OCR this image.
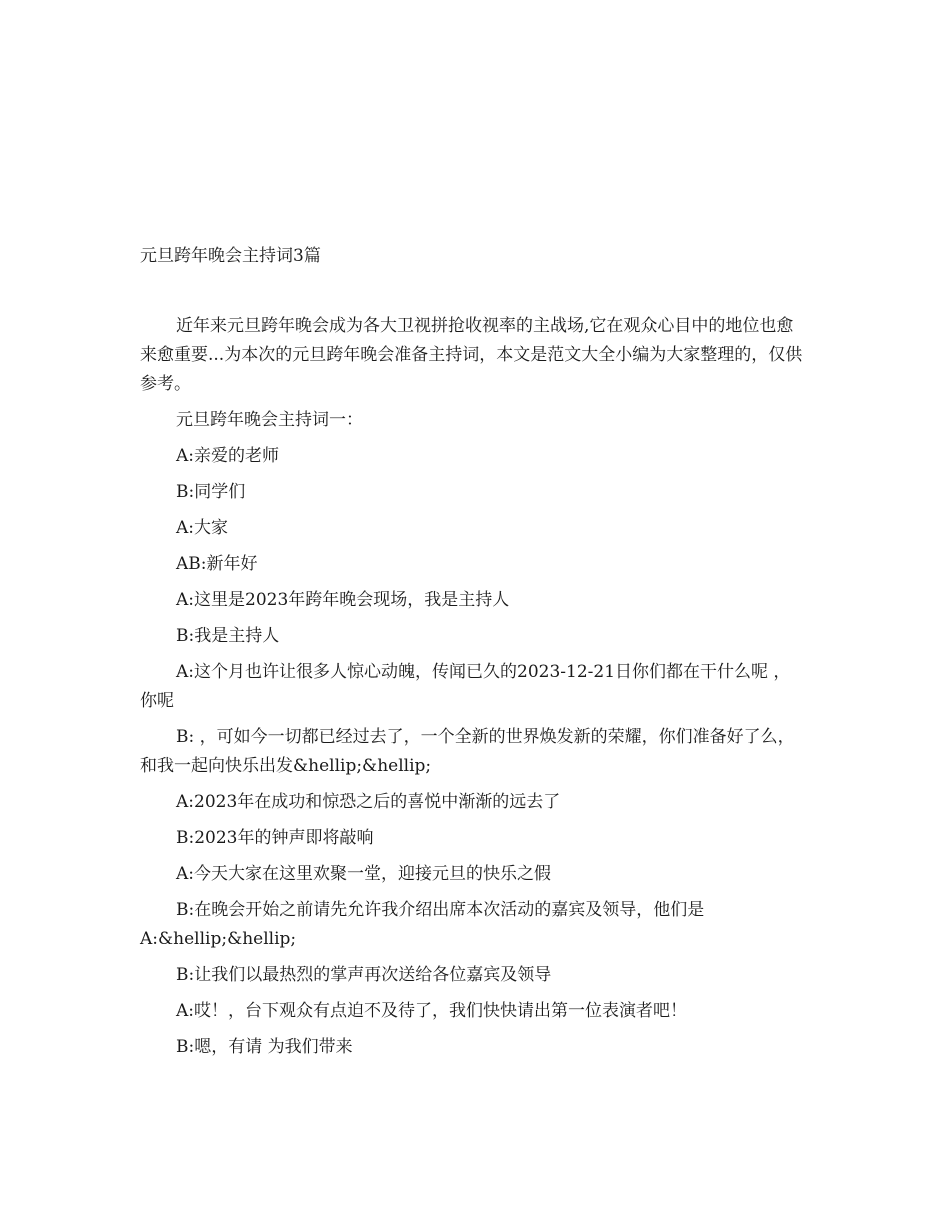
元旦跨年晚会主持词3篇

近年来元旦跨年晚会成为各大卫视拼抢收视率的主战场,它在观众心目中的地位也愈来愈重要...为本次的元旦跨年晚会准备主持词，本文是范文大全小编为大家整理的，仅供参考。

元旦跨年晚会主持词一：

A:亲爱的老师

B:同学们

A:大家

AB:新年好

A:这里是2023年跨年晚会现场，我是主持人

B:我是主持人

A:这个月也许让很多人惊心动魄，传闻已久的2023-12-21日你们都在干什么呢 ，你呢

B: ，可如今一切都已经过去了，一个全新的世界焕发新的荣耀，你们准备好了么，和我一起向快乐出发&hellip;&hellip;

A:2023年在成功和惊恐之后的喜悦中渐渐的远去了

B:2023年的钟声即将敲响

A:今天大家在这里欢聚一堂，迎接元旦的快乐之假

B:在晚会开始之前请先允许我介绍出席本次活动的嘉宾及领导，他们是

A:&hellip;&hellip;

B:让我们以最热烈的掌声再次送给各位嘉宾及领导

A:哎！，台下观众有点迫不及待了，我们快快请出第一位表演者吧！

B:嗯，有请 为我们带来
